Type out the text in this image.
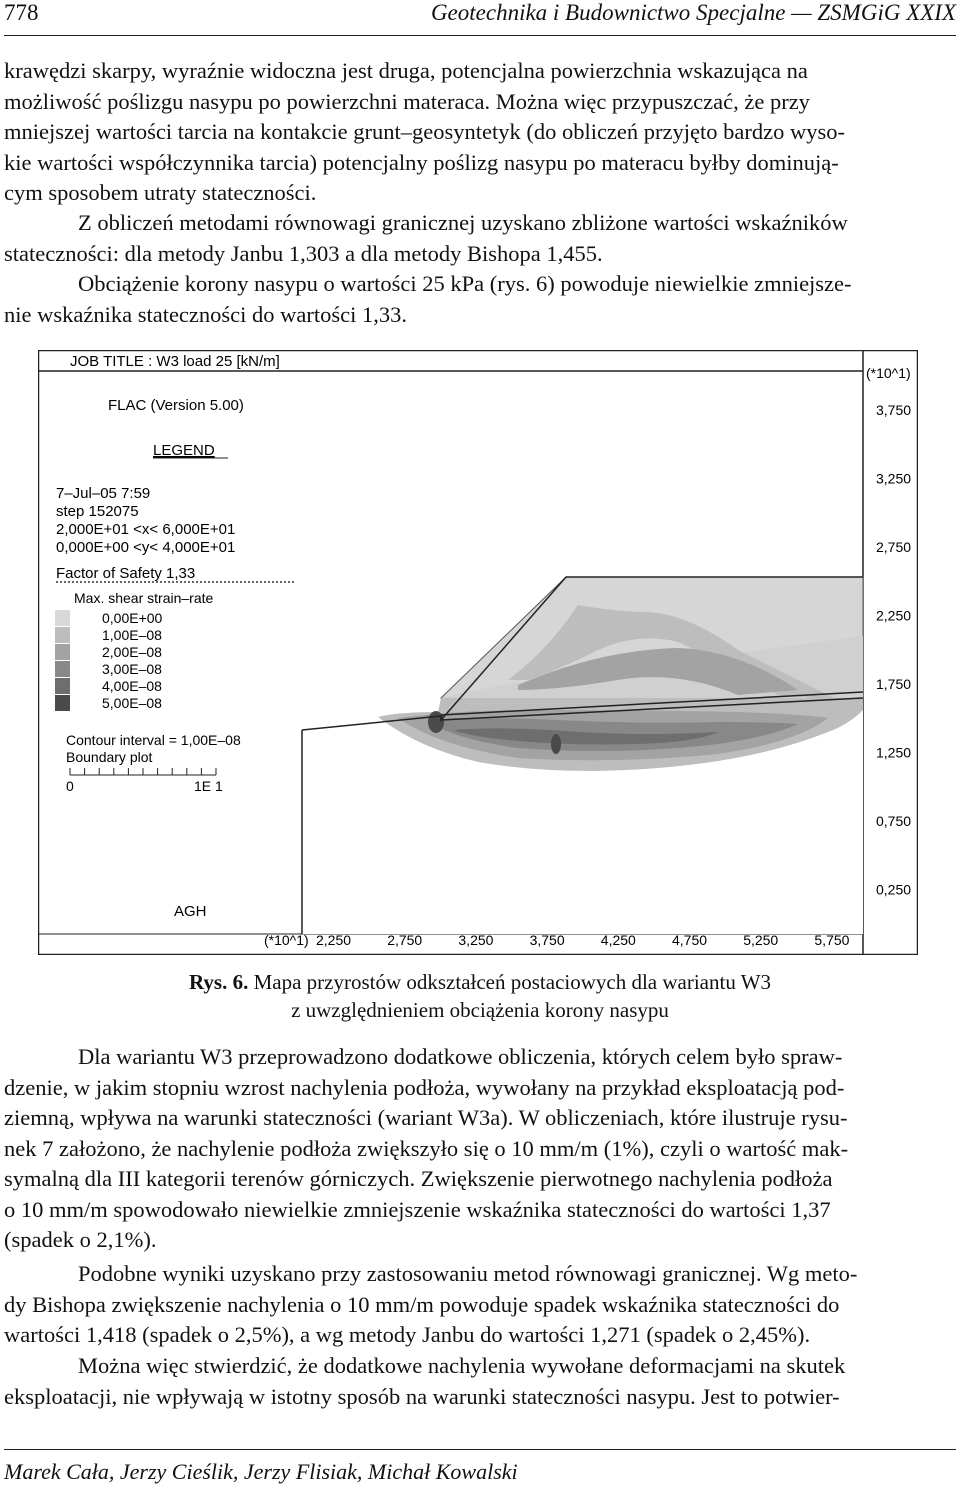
778	Geotechnika i Budownictwo Specjalne — ZSMGiG XXIX
krawędzi skarpy, wyraźnie widoczna jest druga, potencjalna powierzchnia wskazująca na
możliwość poślizgu nasypu po powierzchni materaca. Można więc przypuszczać, że przy
mniejszej wartości tarcia na kontakcie grunt–geosyntetyk (do obliczeń przyjęto bardzo wyso-
kie wartości współczynnika tarcia) potencjalny poślizg nasypu po materacu byłby dominują-
cym sposobem utraty stateczności.
Z obliczeń metodami równowagi granicznej uzyskano zbliżone wartości wskaźników
stateczności: dla metody Janbu 1,303 a dla metody Bishopa 1,455.
Obciążenie korony nasypu o wartości 25 kPa (rys. 6) powoduje niewielkie zmniejsze-
nie wskaźnika stateczności do wartości 1,33.
JOB TITLE : W3 load 25 [kN/m]
FLAC (Version 5.00)
LEGEND
7–Jul–05 7:59
step 152075
2,000E+01 <x< 6,000E+01
0,000E+00 <y< 4,000E+01
Factor of Safety 1,33
Max. shear strain–rate
0,00E+00
1,00E–08
2,00E–08
3,00E–08
4,00E–08
5,00E–08
Contour interval = 1,00E–08
Boundary plot
0	1E 1
AGH
(*10^1)
3,750
3,250
2,750
2,250
1,750
1,250
0,750
0,250
(*10^1) 2,250	2,750	3,250	3,750	4,250	4,750	5,250	5,750
Rys. 6. Mapa przyrostów odkształceń postaciowych dla wariantu W3
z uwzględnieniem obciążenia korony nasypu
Dla wariantu W3 przeprowadzono dodatkowe obliczenia, których celem było spraw-
dzenie, w jakim stopniu wzrost nachylenia podłoża, wywołany na przykład eksploatacją pod-
ziemną, wpływa na warunki stateczności (wariant W3a). W obliczeniach, które ilustruje rysu-
nek 7 założono, że nachylenie podłoża zwiększyło się o 10 mm/m (1%), czyli o wartość mak-
symalną dla III kategorii terenów górniczych. Zwiększenie pierwotnego nachylenia podłoża
o 10 mm/m spowodowało niewielkie zmniejszenie wskaźnika stateczności do wartości 1,37
(spadek o 2,1%).
Podobne wyniki uzyskano przy zastosowaniu metod równowagi granicznej. Wg meto-
dy Bishopa zwiększenie nachylenia o 10 mm/m powoduje spadek wskaźnika stateczności do
wartości 1,418 (spadek o 2,5%), a wg metody Janbu do wartości 1,271 (spadek o 2,45%).
Można więc stwierdzić, że dodatkowe nachylenia wywołane deformacjami na skutek
eksploatacji, nie wpływają w istotny sposób na warunki stateczności nasypu. Jest to potwier-
Marek Cała, Jerzy Cieślik, Jerzy Flisiak, Michał Kowalski
